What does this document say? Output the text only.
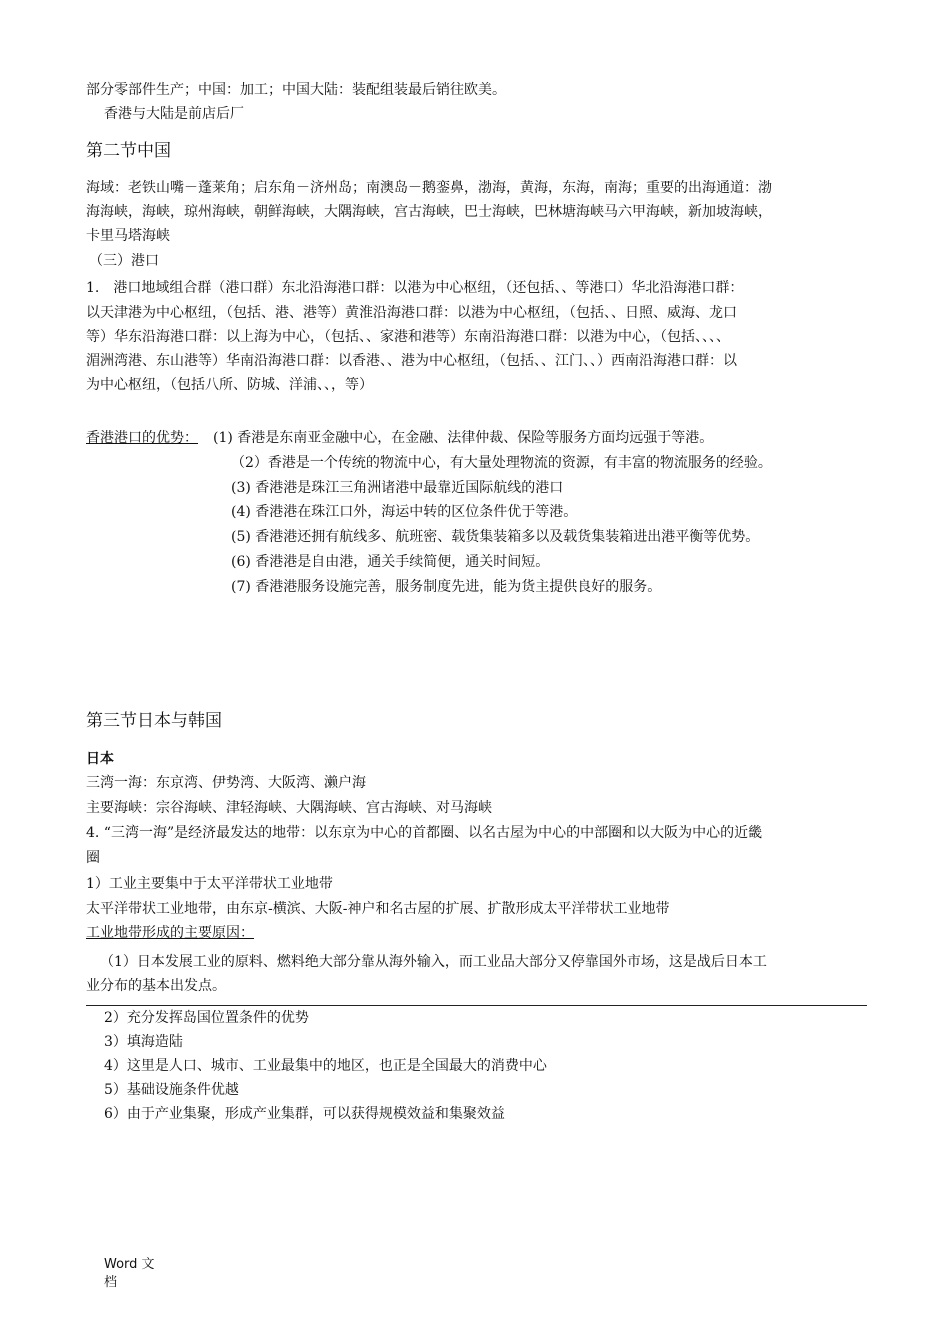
部分零部件生产；中国：加工；中国大陆：装配组装最后销往欧美。
香港与大陆是前店后厂
第二节中国
海域：老铁山嘴－蓬莱角；启东角－济州岛；南澳岛－鹅銮鼻，渤海，黄海，东海，南海；重要的出海通道：渤
海海峡，海峡，琼州海峡，朝鲜海峡，大隅海峡，宫古海峡，巴士海峡，巴林塘海峡马六甲海峡，新加坡海峡，
卡里马塔海峡
（三）港口
1.　港口地域组合群（港口群）东北沿海港口群：以港为中心枢纽，（还包括、、等港口）华北沿海港口群：
以天津港为中心枢纽，（包括、港、港等）黄淮沿海港口群：以港为中心枢纽，（包括、、日照、威海、龙口
等）华东沿海港口群：以上海为中心，（包括、、家港和港等）东南沿海港口群：以港为中心，（包括、、、、
湄洲湾港、东山港等）华南沿海港口群：以香港、、港为中心枢纽，（包括、、江门、、）西南沿海港口群：以
为中心枢纽，（包括八所、防城、洋浦、、，等）
香港港口的优势： (1) 香港是东南亚金融中心，在金融、法律仲裁、保险等服务方面均远强于等港。
（2）香港是一个传统的物流中心，有大量处理物流的资源，有丰富的物流服务的经验。
(3) 香港港是珠江三角洲诸港中最靠近国际航线的港口
(4) 香港港在珠江口外，海运中转的区位条件优于等港。
(5) 香港港还拥有航线多、航班密、载货集装箱多以及载货集装箱进出港平衡等优势。
(6) 香港港是自由港，通关手续简便，通关时间短。
(7) 香港港服务设施完善，服务制度先进，能为货主提供良好的服务。
第三节日本与韩国
日本
三湾一海：东京湾、伊势湾、大阪湾、濑户海
主要海峡：宗谷海峡、津轻海峡、大隅海峡、宫古海峡、对马海峡
4. “三湾一海”是经济最发达的地带：以东京为中心的首都圈、以名古屋为中心的中部圈和以大阪为中心的近畿
圈
1）工业主要集中于太平洋带状工业地带
太平洋带状工业地带，由东京-横滨、大阪-神户和名古屋的扩展、扩散形成太平洋带状工业地带
工业地带形成的主要原因：
（1）日本发展工业的原料、燃料绝大部分靠从海外输入，而工业品大部分又停靠国外市场，这是战后日本工
业分布的基本出发点。
2）充分发挥岛国位置条件的优势
3）填海造陆
4）这里是人口、城市、工业最集中的地区，也正是全国最大的消费中心
5）基础设施条件优越
6）由于产业集聚，形成产业集群，可以获得规模效益和集聚效益
Word 文
档
